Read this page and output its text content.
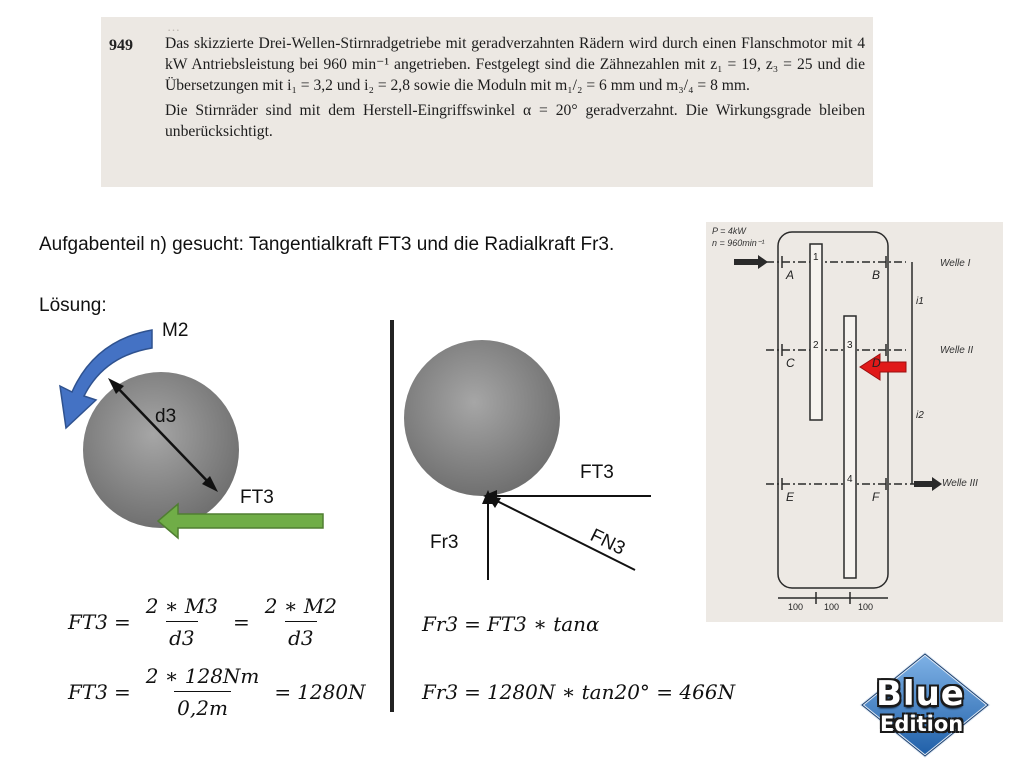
…
949 Das skizzierte Drei-Wellen-Stirnradgetriebe mit geradverzahnten Rädern wird durch einen Flanschmotor mit 4 kW Antriebsleistung bei 960 min⁻¹ angetrieben. Festgelegt sind die Zähnezahlen mit z₁ = 19, z₃ = 25 und die Übersetzungen mit i₁ = 3,2 und i₂ = 2,8 sowie die Moduln mit m₁/₂ = 6 mm und m₃/₄ = 8 mm.

Die Stirnräder sind mit dem Herstell-Eingriffswinkel α = 20° geradverzahnt. Die Wirkungsgrade bleiben unberücksichtigt.

Aufgabenteil n) gesucht: Tangentialkraft FT3 und die Radialkraft Fr3.
Lösung:
M2
d3
FT3
FT3
Fr3	FN3
$FT3 = \frac{2 ∗ M3}{d3} = \frac{2 ∗ M2}{d3}$
$FT3 = \frac{2 ∗ 128Nm}{0,2m} = 1280N$
Fr3 = FT3 ∗ tanα
Fr3 = 1280N ∗ tan20° = 466N
P = 4kW
n = 960min⁻¹
Welle I
Welle II
Welle III
A	B
C	D
E	F
1
2	3
4
i1
i2
100 100 100
Blue
Edition
